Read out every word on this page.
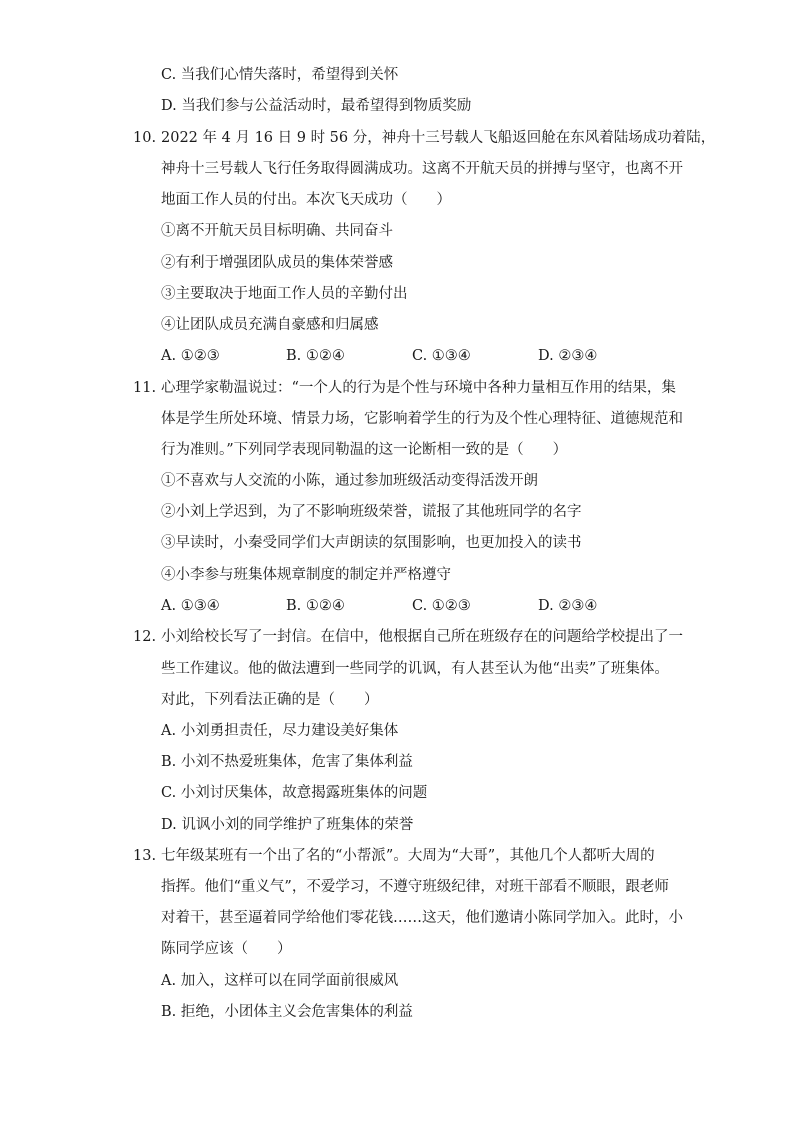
C. 当我们心情失落时，希望得到关怀
D. 当我们参与公益活动时，最希望得到物质奖励
10. 2022 年 4 月 16 日 9 时 56 分，神舟十三号载人飞船返回舱在东风着陆场成功着陆，
神舟十三号载人飞行任务取得圆满成功。这离不开航天员的拼搏与坚守，也离不开
地面工作人员的付出。本次飞天成功（　　）
①离不开航天员目标明确、共同奋斗
②有利于增强团队成员的集体荣誉感
③主要取决于地面工作人员的辛勤付出
④让团队成员充满自豪感和归属感
A. ①②③	B. ①②④	C. ①③④	D. ②③④
11. 心理学家勒温说过：“一个人的行为是个性与环境中各种力量相互作用的结果，集
体是学生所处环境、情景力场，它影响着学生的行为及个性心理特征、道德规范和
行为准则。”下列同学表现同勒温的这一论断相一致的是（　　）
①不喜欢与人交流的小陈，通过参加班级活动变得活泼开朗
②小刘上学迟到，为了不影响班级荣誉，谎报了其他班同学的名字
③早读时，小秦受同学们大声朗读的氛围影响，也更加投入的读书
④小李参与班集体规章制度的制定并严格遵守
A. ①③④	B. ①②④	C. ①②③	D. ②③④
12. 小刘给校长写了一封信。在信中，他根据自己所在班级存在的问题给学校提出了一
些工作建议。他的做法遭到一些同学的讥讽，有人甚至认为他“出卖”了班集体。
对此，下列看法正确的是（　　）
A. 小刘勇担责任，尽力建设美好集体
B. 小刘不热爱班集体，危害了集体利益
C. 小刘讨厌集体，故意揭露班集体的问题
D. 讥讽小刘的同学维护了班集体的荣誉
13. 七年级某班有一个出了名的“小帮派”。大周为“大哥”，其他几个人都听大周的
指挥。他们“重义气”，不爱学习，不遵守班级纪律，对班干部看不顺眼，跟老师
对着干，甚至逼着同学给他们零花钱……这天，他们邀请小陈同学加入。此时，小
陈同学应该（　　）
A. 加入，这样可以在同学面前很威风
B. 拒绝，小团体主义会危害集体的利益
